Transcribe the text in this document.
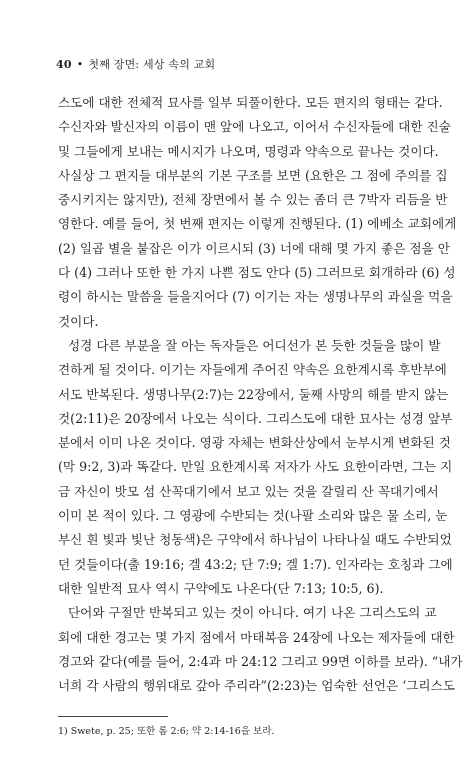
40 • 첫째 장면: 세상 속의 교회
스도에 대한 전체적 묘사를 일부 되풀이한다. 모든 편지의 형태는 같다.
수신자와 발신자의 이름이 맨 앞에 나오고, 이어서 수신자들에 대한 진술
및 그들에게 보내는 메시지가 나오며, 명령과 약속으로 끝나는 것이다.
사실상 그 편지들 대부분의 기본 구조를 보면 (요한은 그 점에 주의를 집
중시키지는 않지만), 전체 장면에서 볼 수 있는 좀더 큰 7박자 리듬을 반
영한다. 예를 들어, 첫 번째 편지는 이렇게 진행된다. (1) 에베소 교회에게
(2) 일곱 별을 붙잡은 이가 이르시되 (3) 너에 대해 몇 가지 좋은 점을 안
다 (4) 그러나 또한 한 가지 나쁜 점도 안다 (5) 그러므로 회개하라 (6) 성
령이 하시는 말씀을 들을지어다 (7) 이기는 자는 생명나무의 과실을 먹을
것이다.
성경 다른 부분을 잘 아는 독자들은 어디선가 본 듯한 것들을 많이 발
견하게 될 것이다. 이기는 자들에게 주어진 약속은 요한계시록 후반부에
서도 반복된다. 생명나무(2:7)는 22장에서, 둘째 사망의 해를 받지 않는
것(2:11)은 20장에서 나오는 식이다. 그리스도에 대한 묘사는 성경 앞부
분에서 이미 나온 것이다. 영광 자체는 변화산상에서 눈부시게 변화된 것
(막 9:2, 3)과 똑같다. 만일 요한계시록 저자가 사도 요한이라면, 그는 지
금 자신이 밧모 섬 산꼭대기에서 보고 있는 것을 갈릴리 산 꼭대기에서
이미 본 적이 있다. 그 영광에 수반되는 것(나팔 소리와 많은 물 소리, 눈
부신 흰 빛과 빛난 청동색)은 구약에서 하나님이 나타나실 때도 수반되었
던 것들이다(출 19:16; 겔 43:2; 단 7:9; 겔 1:7). 인자라는 호칭과 그에
대한 일반적 묘사 역시 구약에도 나온다(단 7:13; 10:5, 6).
단어와 구절만 반복되고 있는 것이 아니다. 여기 나온 그리스도의 교
회에 대한 경고는 몇 가지 점에서 마태복음 24장에 나오는 제자들에 대한
경고와 같다(예를 들어, 2:4과 마 24:12 그리고 99면 이하를 보라). “내가
너희 각 사람의 행위대로 갚아 주리라”(2:23)는 엄숙한 선언은 ‘그리스도
1) Swete, p. 25; 또한 롬 2:6; 약 2:14-16을 보라.
